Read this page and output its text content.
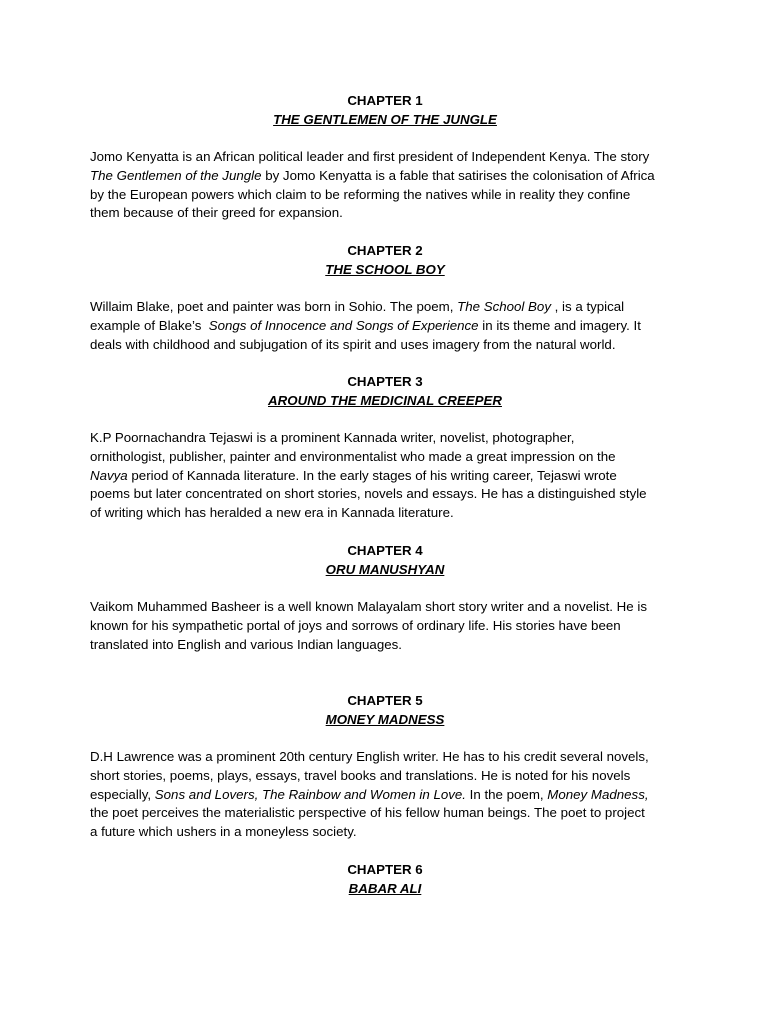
CHAPTER 1
THE GENTLEMEN OF THE JUNGLE
Jomo Kenyatta is an African political leader and first president of Independent Kenya. The story
The Gentlemen of the Jungle by Jomo Kenyatta is a fable that satirises the colonisation of Africa
by the European powers which claim to be reforming the natives while in reality they confine
them because of their greed for expansion.
CHAPTER 2
THE SCHOOL BOY
Willaim Blake, poet and painter was born in Sohio. The poem, The School Boy , is a typical
example of Blake’s  Songs of Innocence and Songs of Experience in its theme and imagery. It
deals with childhood and subjugation of its spirit and uses imagery from the natural world.
CHAPTER 3
AROUND THE MEDICINAL CREEPER
K.P Poornachandra Tejaswi is a prominent Kannada writer, novelist, photographer,
ornithologist, publisher, painter and environmentalist who made a great impression on the
Navya period of Kannada literature. In the early stages of his writing career, Tejaswi wrote
poems but later concentrated on short stories, novels and essays. He has a distinguished style
of writing which has heralded a new era in Kannada literature.
CHAPTER 4
ORU MANUSHYAN
Vaikom Muhammed Basheer is a well known Malayalam short story writer and a novelist. He is
known for his sympathetic portal of joys and sorrows of ordinary life. His stories have been
translated into English and various Indian languages.
CHAPTER 5
MONEY MADNESS
D.H Lawrence was a prominent 20th century English writer. He has to his credit several novels,
short stories, poems, plays, essays, travel books and translations. He is noted for his novels
especially, Sons and Lovers, The Rainbow and Women in Love. In the poem, Money Madness,
the poet perceives the materialistic perspective of his fellow human beings. The poet to project
a future which ushers in a moneyless society.
CHAPTER 6
BABAR ALI
